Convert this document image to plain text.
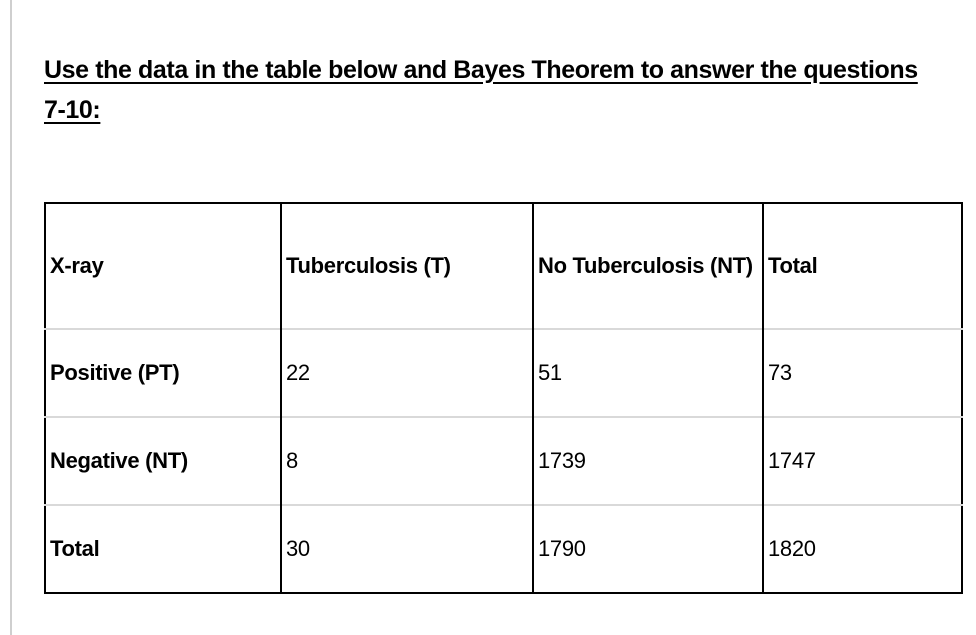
Use the data in the table below and Bayes Theorem to answer the questions
7-10:

X-ray	Tuberculosis (T)	No Tuberculosis (NT)	Total
Positive (PT)	22	51	73
Negative (NT)	8	1739	1747
Total	30	1790	1820
